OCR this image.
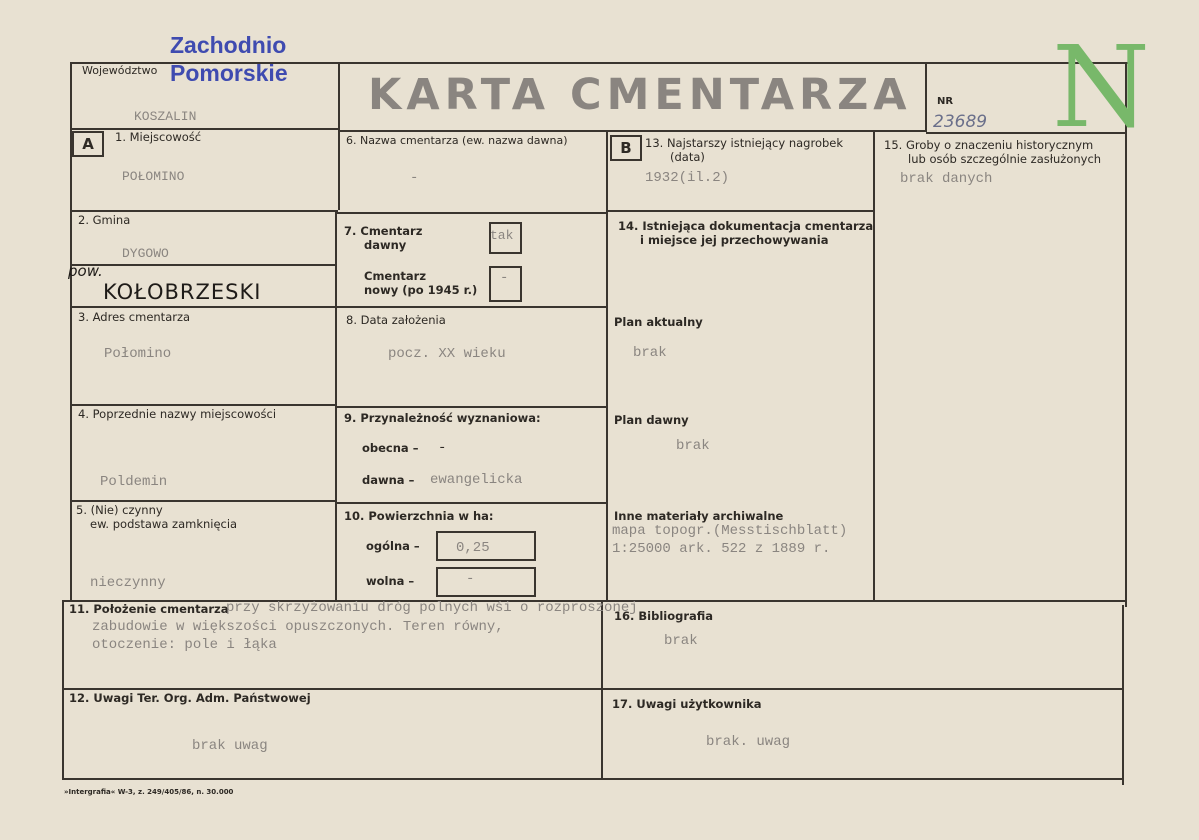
Województwo
Zachodnio
Pomorskie
KOSZALIN	KARTA CMENTARZA	NR
23689 N
A	1. Miejscowość
POŁOMINO
2. Gmina
DYGOWO
pow.
KOŁOBRZESKI
3. Adres cmentarza
Połomino
4. Poprzednie nazwy miejscowości
Poldemin
5. (Nie) czynny
ew. podstawa zamknięcia
nieczynny
6. Nazwa cmentarza (ew. nazwa dawna)
-
7. Cmentarz
dawny
tak
Cmentarz
nowy (po 1945 r.)
-
8. Data założenia
pocz. XX wieku
9. Przynależność wyznaniowa:
obecna – -
dawna – ewangelicka
10. Powierzchnia w ha:
ogólna –	0,25
wolna –	-
B	13. Najstarszy istniejący nagrobek
(data)
1932(il.2)
14. Istniejąca dokumentacja cmentarza
i miejsce jej przechowywania
Plan aktualny
brak
Plan dawny
brak
Inne materiały archiwalne
mapa topogr.(Messtischblatt)
1:25000 ark. 522 z 1889 r.
15. Groby o znaczeniu historycznym
lub osób szczególnie zasłużonych
brak danych
11. Położenie cmentarza
przy skrzyżowaniu dróg polnych wśi o rozproszonej
zabudowie w większości opuszczonych. Teren równy,
otoczenie: pole i łąka
16. Bibliografia
brak
12. Uwagi Ter. Org. Adm. Państwowej
brak uwag
17. Uwagi użytkownika
brak. uwag
»Intergrafia« W-3, z. 249/405/86, n. 30.000
